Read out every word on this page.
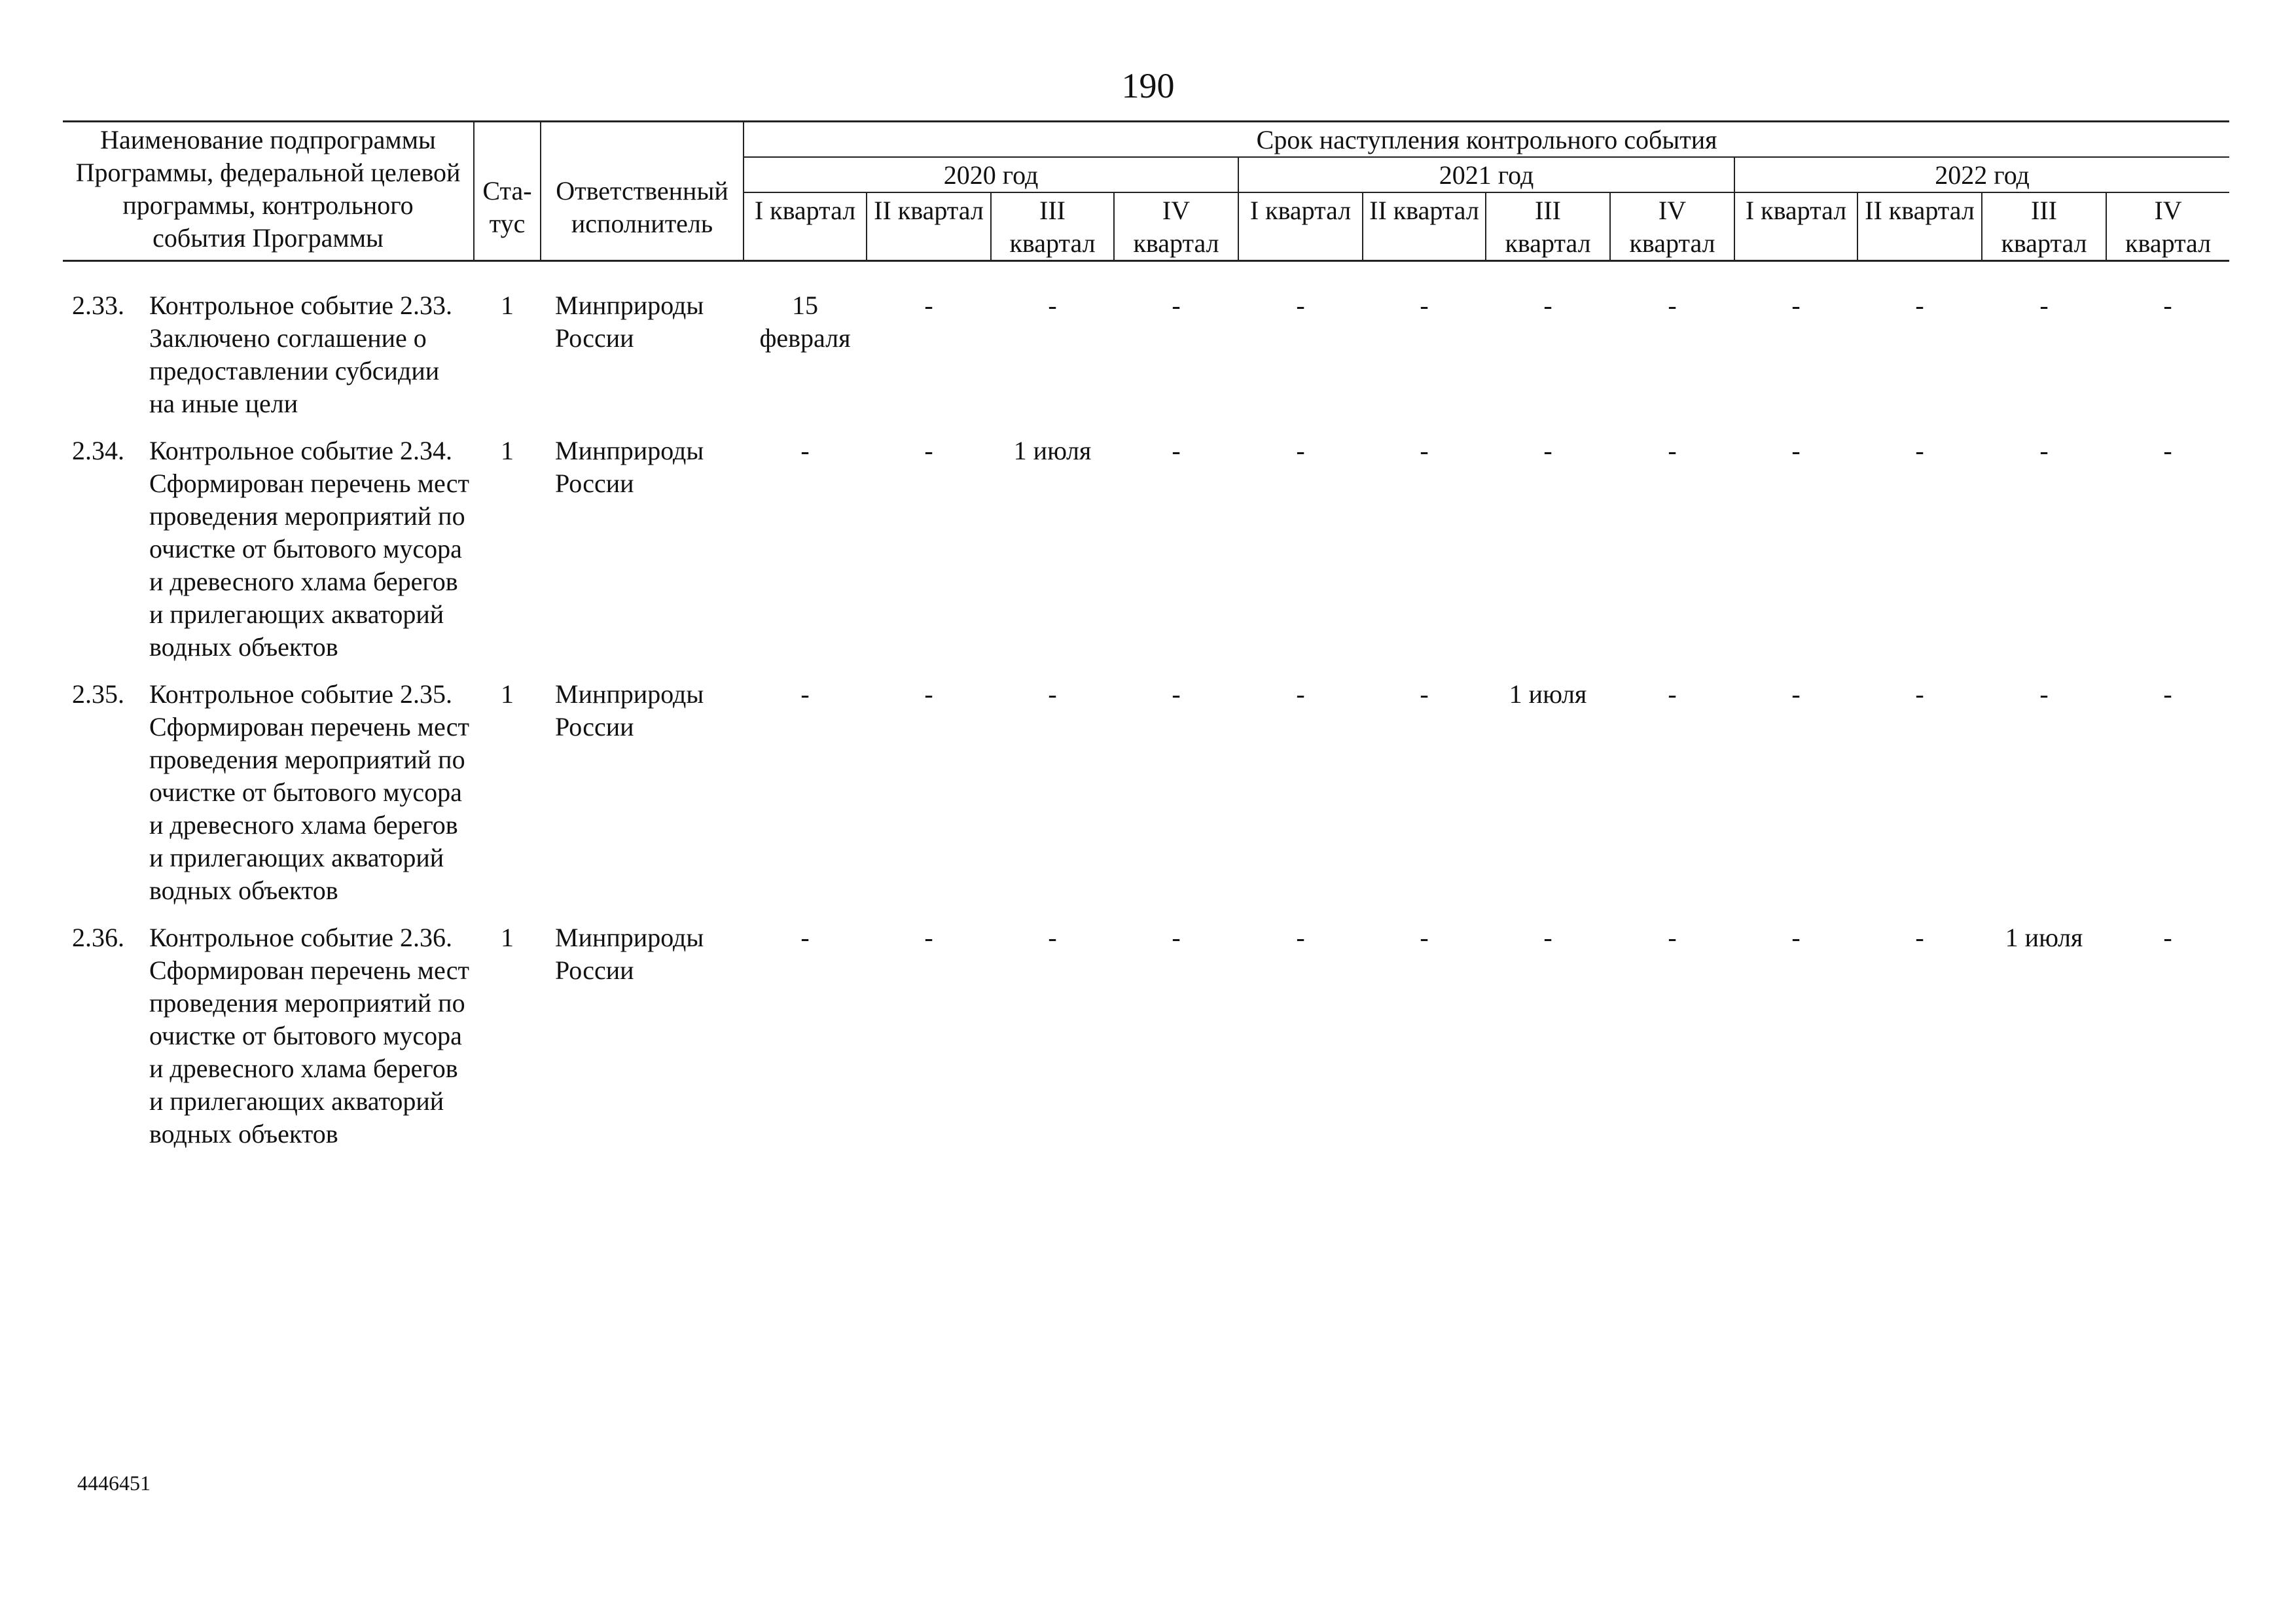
190
Наименование подпрограммы Программы, федеральной целевой программы, контрольного события Программы	Ста-тус	Ответственный исполнитель	Срок наступления контрольного события											
			2020 год				2021 год				2022 год			
			I квартал	II квартал	III квартал	IV квартал	I квартал	II квартал	III квартал	IV квартал	I квартал	II квартал	III квартал	IV квартал

2.33. Контрольное событие 2.33. Заключено соглашение о предоставлении субсидии на иные цели	1	Минприроды России	15 февраля	-	-	-	-	-	-	-	-	-	-	-

2.34. Контрольное событие 2.34. Сформирован перечень мест проведения мероприятий по очистке от бытового мусора и древесного хлама берегов и прилегающих акваторий водных объектов	1	Минприроды России	-	-	1 июля	-	-	-	-	-	-	-	-	-

2.35. Контрольное событие 2.35. Сформирован перечень мест проведения мероприятий по очистке от бытового мусора и древесного хлама берегов и прилегающих акваторий водных объектов	1	Минприроды России	-	-	-	-	-	-	1 июля	-	-	-	-	-

2.36. Контрольное событие 2.36. Сформирован перечень мест проведения мероприятий по очистке от бытового мусора и древесного хлама берегов и прилегающих акваторий водных объектов	1	Минприроды России	-	-	-	-	-	-	-	-	-	-	1 июля	-
4446451
